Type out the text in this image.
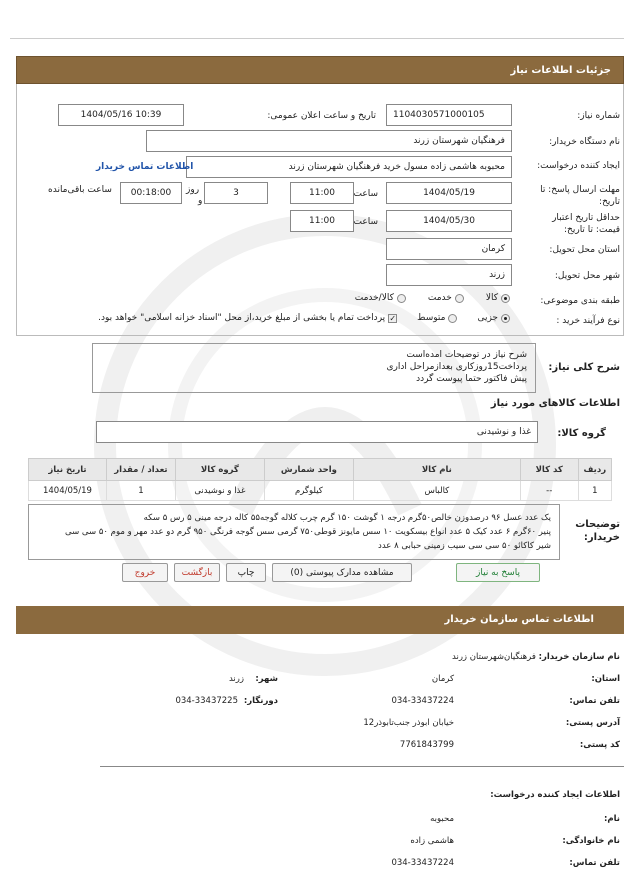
جزئیات اطلاعات نیاز
شماره نیاز:
1104030571000105
تاریخ و ساعت اعلان عمومی:
1404/05/16 10:39
نام دستگاه خریدار:
فرهنگیان شهرستان زرند
ایجاد کننده درخواست:
محبوبه هاشمی زاده مسول خرید فرهنگیان شهرستان زرند
اطلاعات تماس خریدار
مهلت ارسال پاسخ: تا تاریخ:
1404/05/19
ساعت
11:00
روز	3
و
00:18:00
ساعت باقی‌مانده
حداقل تاریخ اعتبار قیمت: تا تاریخ:
1404/05/30
ساعت
11:00
استان محل تحویل:
کرمان
شهر محل تحویل:
زرند
طبقه بندی موضوعی:
کالا
خدمت
کالا/خدمت
نوع فرآیند خرید :
جزیی
متوسط
✓
پرداخت تمام یا بخشی از مبلغ خرید،از محل "اسناد خزانه اسلامی" خواهد بود.
شرح کلی نیاز:
شرح نیاز در توضیحات امده‌است
پرداخت15روزکاری بعدازمراحل اداری
پیش فاکتور حتما پیوست گردد
اطلاعات کالاهای مورد نیاز
گروه کالا:
غذا و نوشیدنی
ردیف	کد کالا	نام کالا	واحد شمارش	گروه کالا	تعداد / مقدار	تاریخ نیاز
1	--	کالباس	کیلوگرم	غذا و نوشیدنی	1	1404/05/19
توضیحات خریدار:
یک عدد عسل ۹۶ درصدوزن خالص۵۰گرم درجه ۱ گوشت ۱۵۰ گرم چرب کلاله گوجه۵۵ کاله درجه مینی ۵ رس ۵ سکه
پنیر ۶۰گرم ۶ عدد کیک ۵ عدد انواع بیسکویت ۱۰ سس مایونز قوطی۷۵۰ گرمی سس گوجه فرنگی ۹۵۰ گرم دو عدد مهر و موم ۵۰ سی سی
شیر کاکائو ۵۰ سی سی سیب زمینی حبابی ۸ عدد
پاسخ به نیاز
مشاهده مدارک پیوستی (0)
چاپ
بازگشت
خروج
اطلاعات تماس سازمان خریدار
نام سازمان خریدار: فرهنگیان‌شهرستان زرند
استان:
کرمان
شهر:
زرند
تلفن تماس:
034-33437224
دورنگار:
034-33437225
آدرس پستی:
خیابان ابوذر جنب‌تابوذر12
کد پستی:
7761843799
اطلاعات ایجاد کننده درخواست:
نام:
محبوبه
نام خانوادگی:
هاشمی زاده
تلفن تماس:
034-33437224
